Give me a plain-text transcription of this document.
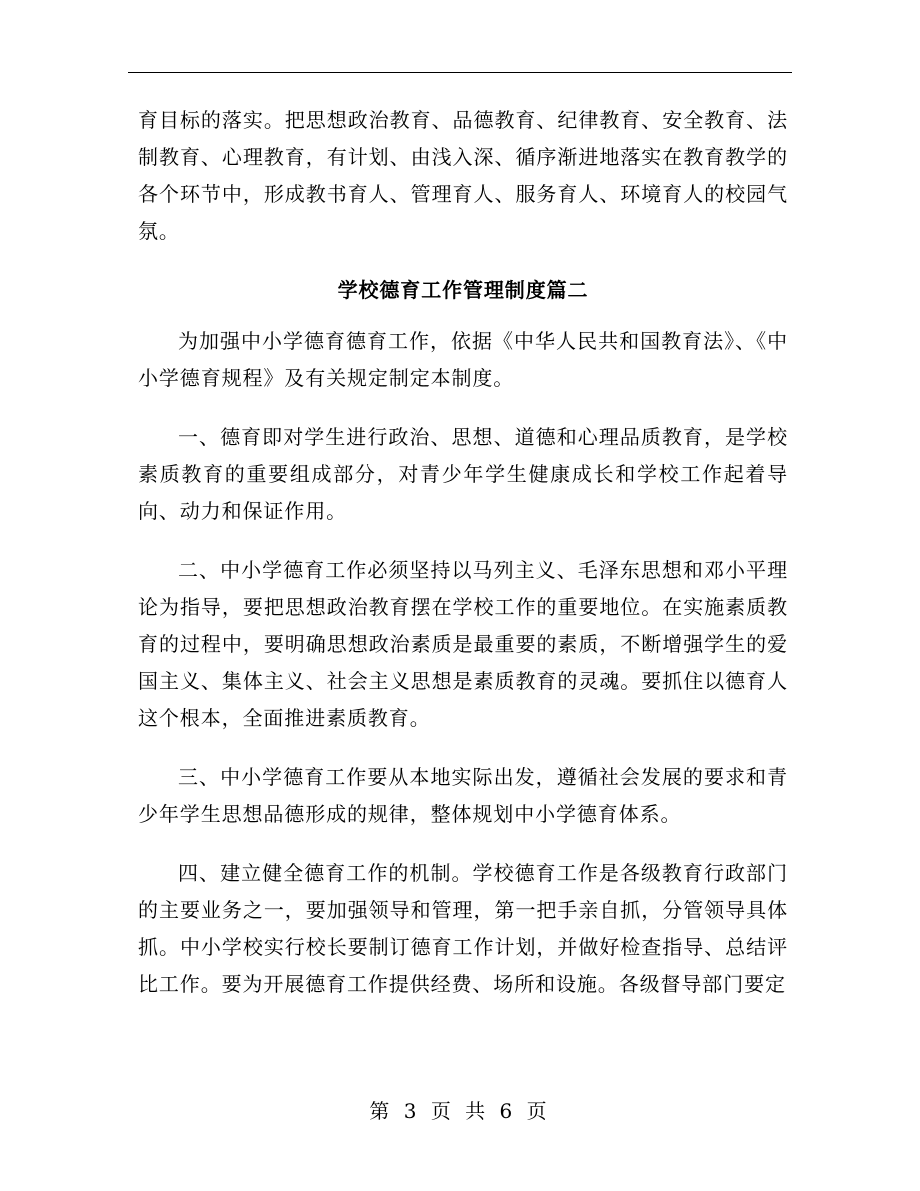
育目标的落实。把思想政治教育、品德教育、纪律教育、安全教育、法制教育、心理教育，有计划、由浅入深、循序渐进地落实在教育教学的各个环节中，形成教书育人、管理育人、服务育人、环境育人的校园气氛。

学校德育工作管理制度篇二

为加强中小学德育德育工作，依据《中华人民共和国教育法》、《中小学德育规程》及有关规定制定本制度。

一、德育即对学生进行政治、思想、道德和心理品质教育，是学校素质教育的重要组成部分，对青少年学生健康成长和学校工作起着导向、动力和保证作用。

二、中小学德育工作必须坚持以马列主义、毛泽东思想和邓小平理论为指导，要把思想政治教育摆在学校工作的重要地位。在实施素质教育的过程中，要明确思想政治素质是最重要的素质，不断增强学生的爱国主义、集体主义、社会主义思想是素质教育的灵魂。要抓住以德育人这个根本，全面推进素质教育。

三、中小学德育工作要从本地实际出发，遵循社会发展的要求和青少年学生思想品德形成的规律，整体规划中小学德育体系。

四、建立健全德育工作的机制。学校德育工作是各级教育行政部门的主要业务之一，要加强领导和管理，第一把手亲自抓，分管领导具体抓。中小学校实行校长要制订德育工作计划，并做好检查指导、总结评比工作。要为开展德育工作提供经费、场所和设施。各级督导部门要定

第 3 页 共 6 页
